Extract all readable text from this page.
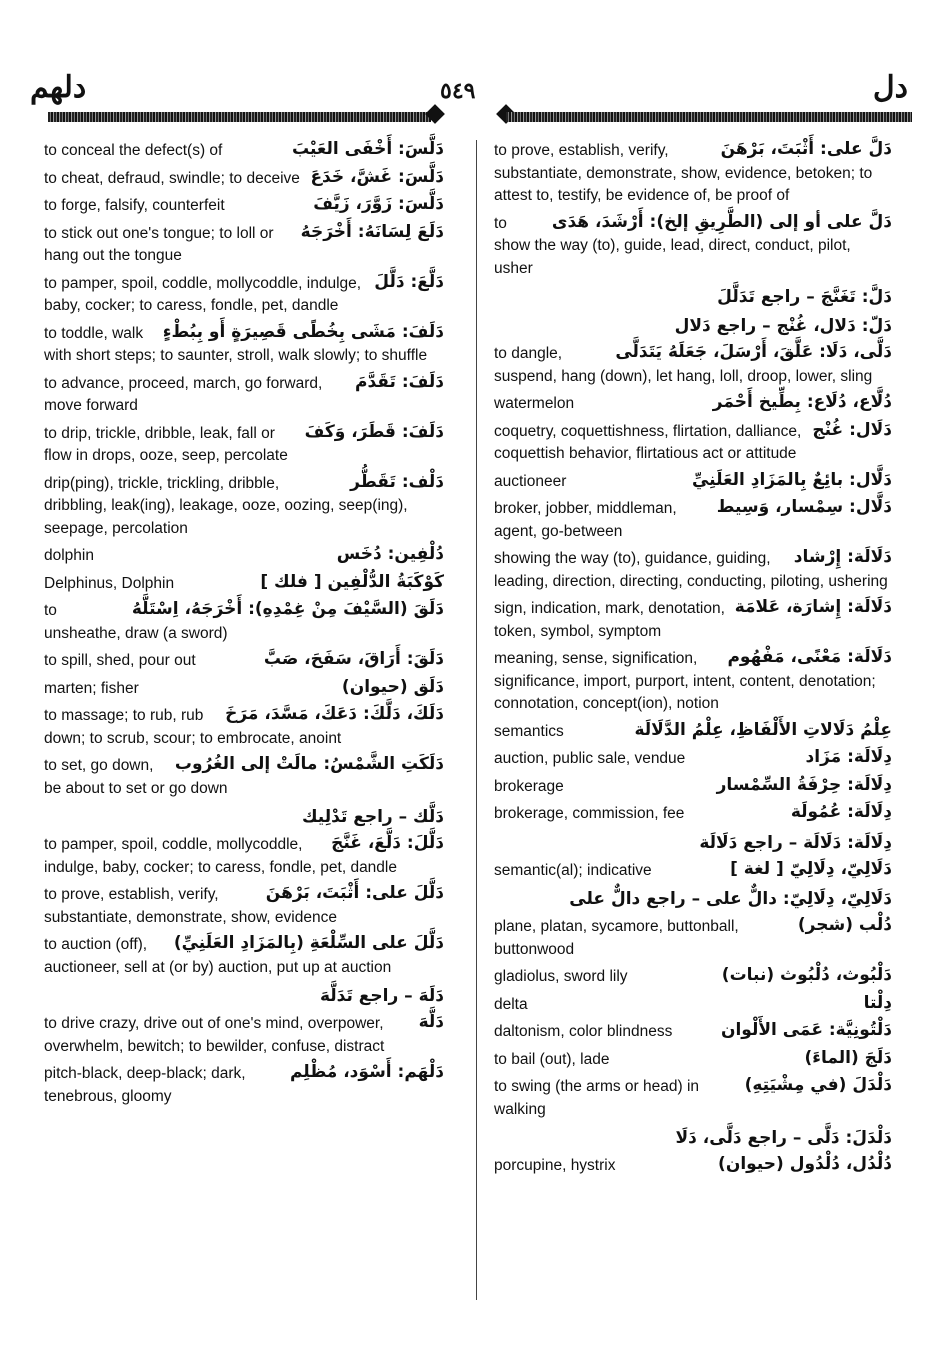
دلهم	٥٤٩	دل
دَلَّسَ: أَخْفَى العَيْبَ
to conceal the defect(s) of
دَلَّسَ: غَشَّ، خَدَعَ
to cheat, defraud, swindle; to deceive
دَلَّسَ: زَوَّرَ، زَيَّفَ
to forge, falsify, counterfeit
دَلَعَ لِسَانَهُ: أَخْرَجَهُ
to stick out one's tongue; to loll or hang out the tongue
دَلَّعَ: دَلَّلَ
to pamper, spoil, coddle, mollycoddle, indulge, baby, cocker; to caress, fondle, pet, dandle
دَلَفَ: مَشَى بِخُطًى قَصِيرَةٍ أَو بِبُطْءٍ
to toddle, walk with short steps; to saunter, stroll, walk slowly; to shuffle
دَلَفَ: تَقَدَّمَ
to advance, proceed, march, go forward, move forward
دَلَفَ: قَطَرَ، وَكَفَ
to drip, trickle, dribble, leak, fall or flow in drops, ooze, seep, percolate
دَلْف: تَقَطُّر
drip(ping), trickle, trickling, dribble, dribbling, leak(ing), leakage, ooze, oozing, seep(ing), seepage, percolation
دُلْفِين: دُخَس
dolphin
كَوْكَبَةُ الدُّلْفِين [ فلك ]
Delphinus, Dolphin
دَلَقَ (السَّيْفَ مِنْ غِمْدِهِ): أَخْرَجَهُ، اِسْتَلَّهُ
to unsheathe, draw (a sword)
دَلَقَ: أَرَاقَ، سَفَحَ، صَبَّ
to spill, shed, pour out
دَلَق (حيوان)
marten; fisher
دَلَكَ، دَلَّكَ: دَعَكَ، مَسَّدَ، مَرَخَ
to massage; to rub, rub down; to scrub, scour; to embrocate, anoint
دَلَكَتِ الشَّمْسُ: مالَتْ إلى الغُرُوب
to set, go down, be about to set or go down
دَلَّك – راجع تَدْلِيك
دَلَّلَ: دَلَّعَ، غَنَّجَ
to pamper, spoil, coddle, mollycoddle, indulge, baby, cocker; to caress, fondle, pet, dandle
دَلَّلَ على: أَثْبَتَ، بَرْهَنَ
to prove, establish, verify, substantiate, demonstrate, show, evidence
دَلَّلَ على السِّلْعَةِ (بِالمَزَادِ العَلَنِيِّ)
to auction (off), auctioneer, sell at (or by) auction, put up at auction
دَلَهَ – راجع تَدَلَّهَ
دَلَّهَ
to drive crazy, drive out of one's mind, overpower, overwhelm, bewitch; to bewilder, confuse, distract
دَلْهَم: أَسْوَد، مُظْلِم
pitch-black, deep-black; dark, tenebrous, gloomy
دَلَّ على: أَثْبَتَ، بَرْهَنَ
to prove, establish, verify, substantiate, demonstrate, show, evidence, betoken; to attest to, testify, be evidence of, be proof of
دَلَّ على أو إلى (الطَّرِيقِ إلخ): أَرْشَدَ، هَدَى
to show the way (to), guide, lead, direct, conduct, pilot, usher
دَلَّ: تَغَنَّجَ – راجع تَدَلَّلَ
دَلّ: دَلال، غُنْج – راجع دَلال
دَلَّى، دَلَا: عَلَّقَ، أَرْسَلَ، جَعَلَهُ يَتَدَلَّى
to dangle, suspend, hang (down), let hang, loll, droop, lower, sling
دُلَّاع، دُلَاع: بِطِّيخ أَحْمَر
watermelon
دَلَال: غُنْج
coquetry, coquettishness, flirtation, dalliance, coquettish behavior, flirtatious act or attitude
دَلَّال: بائِعٌ بِالمَزَادِ العَلَنِيِّ
auctioneer
دَلَّال: سِمْسار، وَسِيط
broker, jobber, middleman, agent, go-between
دَلَالَة: إِرْشاد
showing the way (to), guidance, guiding, leading, direction, directing, conducting, piloting, ushering
دَلَالَة: إِشارَة، عَلامَة
sign, indication, mark, denotation, token, symbol, symptom
دَلَالَة: مَعْنًى، مَفْهُوم
meaning, sense, signification, significance, import, purport, intent, content, denotation; connotation, concept(ion), notion
عِلْمُ دَلَالاتِ الأَلْفَاظِ، عِلْمُ الدَّلَالَة
semantics
دِلَالَة: مَزَاد
auction, public sale, vendue
دِلَالَة: حِرْفَةُ السِّمْسار
brokerage
دِلَالَة: عُمُولَة
brokerage, commission, fee
دِلَالَة: دَلَالَة – راجع دَلَالَة
دَلَالِيّ، دِلَالِيّ [ لغة ]
semantic(al); indicative
دَلَالِيّ، دِلَالِيّ: دالٌّ على – راجع دالٌّ على
دُلْب (شجر)
plane, platan, sycamore, buttonball, buttonwood
دَلْبُوث، دُلْبُوث (نبات)
gladiolus, sword lily
دِلْتا
delta
دَلْتُونِيَّة: عَمَى الأَلْوان
daltonism, color blindness
دَلَجَ (الماءَ)
to bail (out), lade
دَلْدَلَ (في مِشْيَتِهِ)
to swing (the arms or head) in walking
دَلْدَلَ: دَلَّى – راجع دَلَّى، دَلَا
دُلْدُل، دُلْدُول (حيوان)
porcupine, hystrix
